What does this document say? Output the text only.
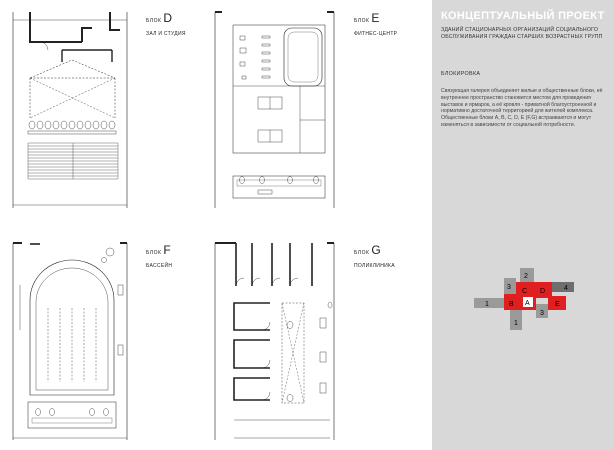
БЛОК D
ЗАЛ И СТУДИЯ
БЛОК E
ФИТНЕС-ЦЕНТР
БЛОК F
БАССЕЙН
БЛОК G
ПОЛИКЛИНИКА
КОНЦЕПТУАЛЬНЫЙ ПРОЕКТ
ЗДАНИЙ СТАЦИОНАРНЫХ ОРГАНИЗАЦИЙ СОЦИАЛЬНОГО ОБСЛУЖИВАНИЯ ГРАЖДАН СТАРШИХ ВОЗРАСТНЫХ ГРУПП
БЛОКИРОВКА

Связующая галерея объединяет жилые и общественные блоки, её внутреннее пространство становится местом для проведения выставок и ярмарок, а её кровля - приватной благоустроенной и нормативно достаточной территорией для жителей комплекса.

Общественные блоки A, B, C, D, E (F,G) встраиваются и могут изменяться в зависимости от социальной потребности.

2
3
C D	4
1	B A	E
3
1
